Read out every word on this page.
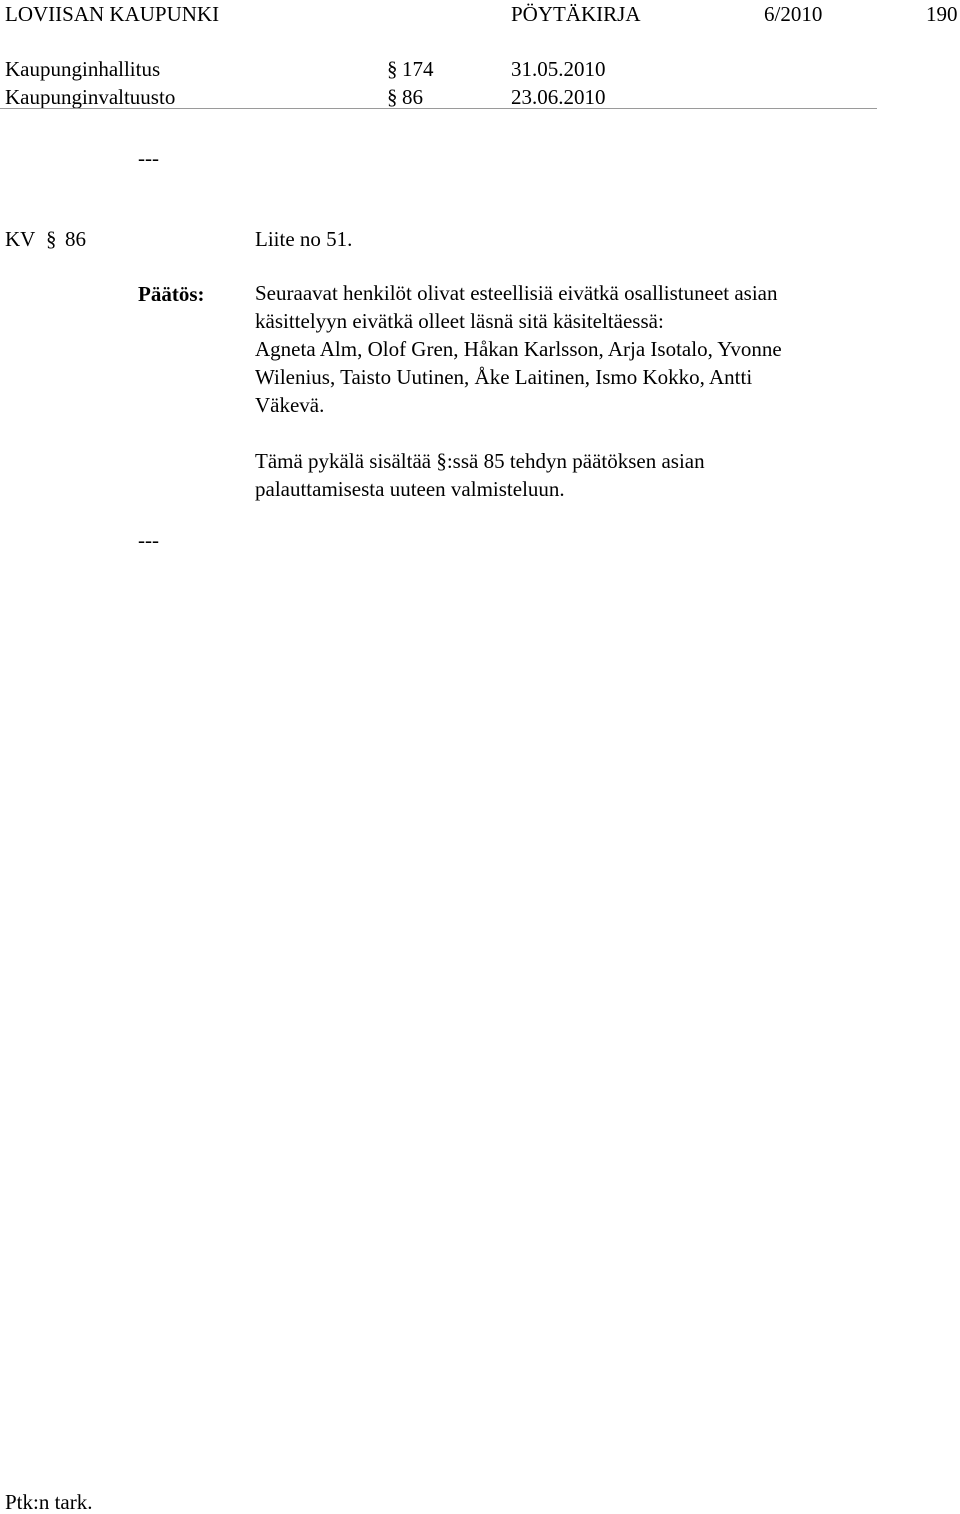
LOVIISAN KAUPUNKI	PÖYTÄKIRJA	6/2010	190
Kaupunginhallitus	§ 174	31.05.2010
Kaupunginvaltuusto	§ 86	23.06.2010
---
KV § 86	Liite no 51.
Päätös: Seuraavat henkilöt olivat esteellisiä eivätkä osallistuneet asian
käsittelyyn eivätkä olleet läsnä sitä käsiteltäessä:
Agneta Alm, Olof Gren, Håkan Karlsson, Arja Isotalo, Yvonne
Wilenius, Taisto Uutinen, Åke Laitinen, Ismo Kokko, Antti
Väkevä.
Tämä pykälä sisältää §:ssä 85 tehdyn päätöksen asian
palauttamisesta uuteen valmisteluun.
---
Ptk:n tark.
